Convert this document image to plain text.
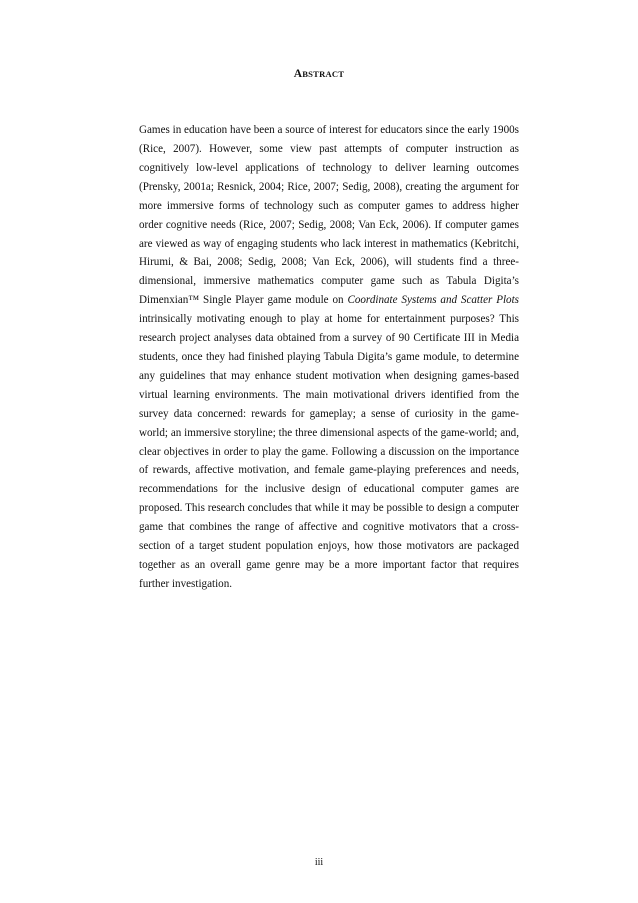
ABSTRACT

Games in education have been a source of interest for educators since the early 1900s (Rice, 2007). However, some view past attempts of computer instruction as cognitively low-level applications of technology to deliver learning outcomes (Prensky, 2001a; Resnick, 2004; Rice, 2007; Sedig, 2008), creating the argument for more immersive forms of technology such as computer games to address higher order cognitive needs (Rice, 2007; Sedig, 2008; Van Eck, 2006). If computer games are viewed as way of engaging students who lack interest in mathematics (Kebritchi, Hirumi, & Bai, 2008; Sedig, 2008; Van Eck, 2006), will students find a three-dimensional, immersive mathematics computer game such as Tabula Digita’s Dimenxian™ Single Player game module on Coordinate Systems and Scatter Plots intrinsically motivating enough to play at home for entertainment purposes? This research project analyses data obtained from a survey of 90 Certificate III in Media students, once they had finished playing Tabula Digita’s game module, to determine any guidelines that may enhance student motivation when designing games-based virtual learning environments. The main motivational drivers identified from the survey data concerned: rewards for gameplay; a sense of curiosity in the game-world; an immersive storyline; the three dimensional aspects of the game-world; and, clear objectives in order to play the game. Following a discussion on the importance of rewards, affective motivation, and female game-playing preferences and needs, recommendations for the inclusive design of educational computer games are proposed. This research concludes that while it may be possible to design a computer game that combines the range of affective and cognitive motivators that a cross-section of a target student population enjoys, how those motivators are packaged together as an overall game genre may be a more important factor that requires further investigation.

iii
